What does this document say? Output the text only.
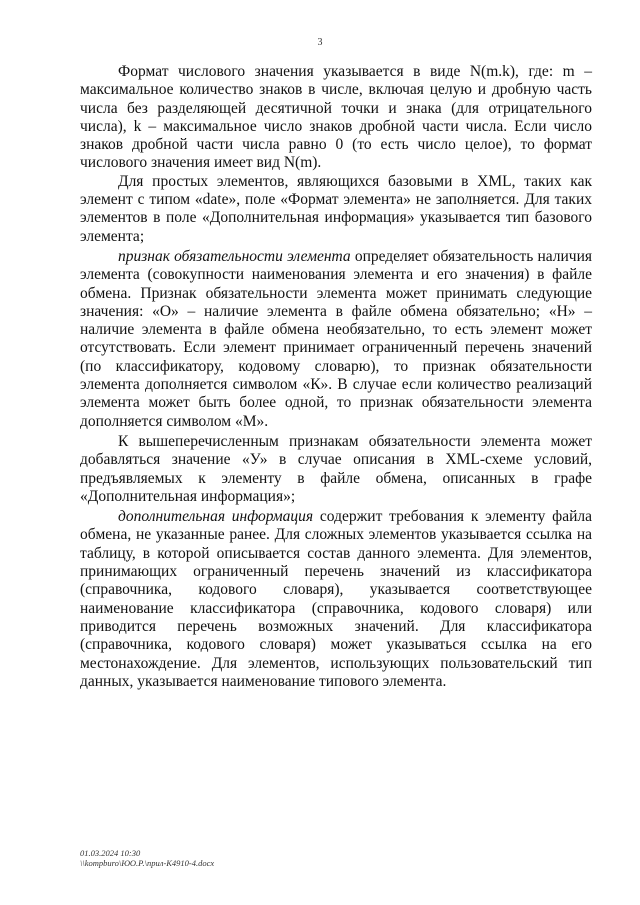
3

Формат числового значения указывается в виде N(m.k), где: m – максимальное количество знаков в числе, включая целую и дробную часть числа без разделяющей десятичной точки и знака (для отрицательного числа), k – максимальное число знаков дробной части числа. Если число знаков дробной части числа равно 0 (то есть число целое), то формат числового значения имеет вид N(m).

Для простых элементов, являющихся базовыми в XML, таких как элемент с типом «date», поле «Формат элемента» не заполняется. Для таких элементов в поле «Дополнительная информация» указывается тип базового элемента;

признак обязательности элемента определяет обязательность наличия элемента (совокупности наименования элемента и его значения) в файле обмена. Признак обязательности элемента может принимать следующие значения: «О» – наличие элемента в файле обмена обязательно; «Н» – наличие элемента в файле обмена необязательно, то есть элемент может отсутствовать. Если элемент принимает ограниченный перечень значений (по классификатору, кодовому словарю), то признак обязательности элемента дополняется символом «К». В случае если количество реализаций элемента может быть более одной, то признак обязательности элемента дополняется символом «М».

К вышеперечисленным признакам обязательности элемента может добавляться значение «У» в случае описания в XML-схеме условий, предъявляемых к элементу в файле обмена, описанных в графе «Дополнительная информация»;

дополнительная информация содержит требования к элементу файла обмена, не указанные ранее. Для сложных элементов указывается ссылка на таблицу, в которой описывается состав данного элемента. Для элементов, принимающих ограниченный перечень значений из классификатора (справочника, кодового словаря), указывается соответствующее наименование классификатора (справочника, кодового словаря) или приводится перечень возможных значений. Для классификатора (справочника, кодового словаря) может указываться ссылка на его местонахождение. Для элементов, использующих пользовательский тип данных, указывается наименование типового элемента.

01.03.2024 10:30
\\kompburo\ЮО.Р.\прил-К4910-4.docx
